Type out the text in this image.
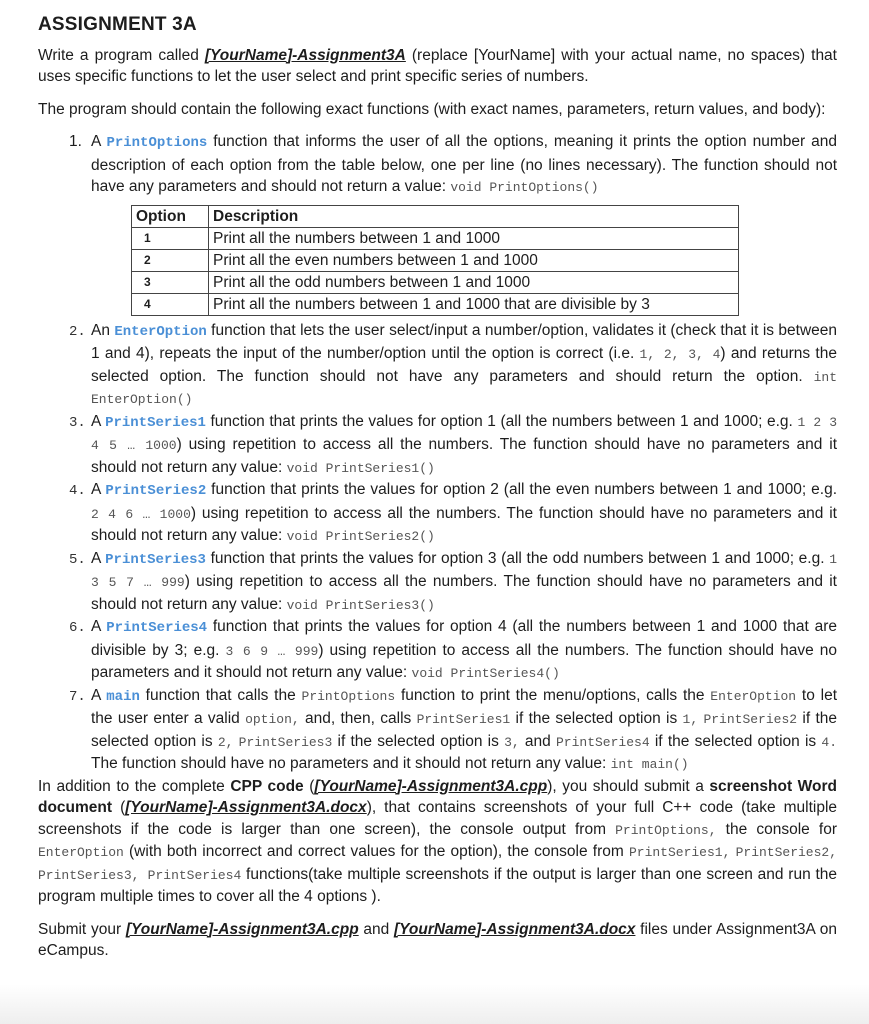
ASSIGNMENT 3A

Write a program called [YourName]-Assignment3A (replace [YourName] with your actual name, no spaces) that uses specific functions to let the user select and print specific series of numbers.

The program should contain the following exact functions (with exact names, parameters, return values, and body):

1. A PrintOptions function that informs the user of all the options, meaning it prints the option number and description of each option from the table below, one per line (no lines necessary). The function should not have any parameters and should not return a value: void PrintOptions()
Option	Description
1	Print all the numbers between 1 and 1000
2	Print all the even numbers between 1 and 1000
3	Print all the odd numbers between 1 and 1000
4	Print all the numbers between 1 and 1000 that are divisible by 3
2. An EnterOption function that lets the user select/input a number/option, validates it (check that it is between 1 and 4), repeats the input of the number/option until the option is correct (i.e. 1, 2, 3, 4) and returns the selected option. The function should not have any parameters and should return the option. int EnterOption()
3. A PrintSeries1 function that prints the values for option 1 (all the numbers between 1 and 1000; e.g. 1 2 3 4 5 … 1000) using repetition to access all the numbers. The function should have no parameters and it should not return any value: void PrintSeries1()
4. A PrintSeries2 function that prints the values for option 2 (all the even numbers between 1 and 1000; e.g. 2 4 6 … 1000) using repetition to access all the numbers. The function should have no parameters and it should not return any value: void PrintSeries2()
5. A PrintSeries3 function that prints the values for option 3 (all the odd numbers between 1 and 1000; e.g. 1 3 5 7 … 999) using repetition to access all the numbers. The function should have no parameters and it should not return any value: void PrintSeries3()
6. A PrintSeries4 function that prints the values for option 4 (all the numbers between 1 and 1000 that are divisible by 3; e.g. 3 6 9 … 999) using repetition to access all the numbers. The function should have no parameters and it should not return any value: void PrintSeries4()
7. A main function that calls the PrintOptions function to print the menu/options, calls the EnterOption to let the user enter a valid option, and, then, calls PrintSeries1 if the selected option is 1, PrintSeries2 if the selected option is 2, PrintSeries3 if the selected option is 3, and PrintSeries4 if the selected option is 4. The function should have no parameters and it should not return any value: int main()

In addition to the complete CPP code ([YourName]-Assignment3A.cpp), you should submit a screenshot Word document ([YourName]-Assignment3A.docx), that contains screenshots of your full C++ code (take multiple screenshots if the code is larger than one screen), the console output from PrintOptions, the console for EnterOption (with both incorrect and correct values for the option), the console from PrintSeries1, PrintSeries2, PrintSeries3, PrintSeries4 functions(take multiple screenshots if the output is larger than one screen and run the program multiple times to cover all the 4 options ).

Submit your [YourName]-Assignment3A.cpp and [YourName]-Assignment3A.docx files under Assignment3A on eCampus.
